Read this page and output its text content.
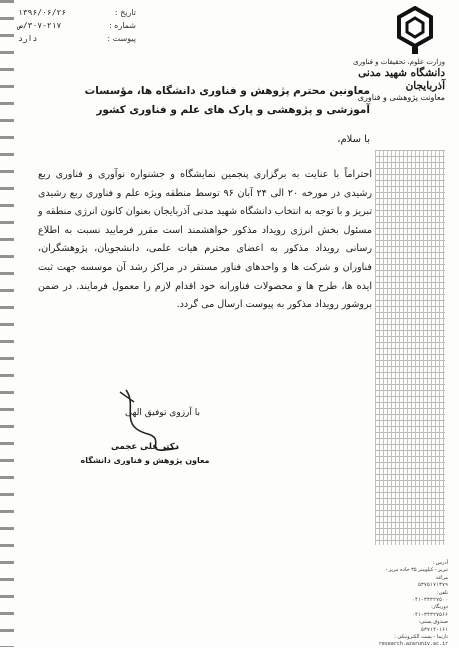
وزارت علوم، تحقیقات و فناوری
دانشگاه شهید مدنی آذربایجان
معاونت پژوهشی و فناوری
تاریخ :
۱۳۹۶/۰۶/۲۶
شماره :
۳۰۷-۲۱۷/ص
پیوست :
دارد
معاونین محترم پژوهش و فناوری دانشگاه ها، مؤسسات
آموزشی و پژوهشی و پارک های علم و فناوری کشور
با سلام،
احتراماً با عنایت به برگزاری پنجمین نمایشگاه و جشنواره نوآوری و فناوری ربع رشیدی در مورخه ۲۰ الی ۲۴ آبان ۹۶ توسط منطقه ویژه علم و فناوری ربع رشیدی تبریز و با توجه به انتخاب دانشگاه شهید مدنی آذربایجان بعنوان کانون انرژی منطقه و مسئول بخش انرژی رویداد مذکور خواهشمند است مقرر فرمایید نسبت به اطلاع رسانی رویداد مذکور به اعضای محترم هیات علمی، دانشجویان، پژوهشگران، فناوران و شرکت ها و واحدهای فناور مستقر در مراکز رشد آن موسسه جهت ثبت ایده ها، طرح ها و محصولات فناورانه خود اقدام لازم را معمول فرمایند. در ضمن بروشور رویداد مذکور به پیوست ارسال می گردد.
با آرزوی توفیق الهی
دکتر علی عجمی
معاون پژوهش و فناوری دانشگاه
آدرس :
تبریز - کیلومتر ۳۵ جاده تبریز - مراغه
۵۳۷۵۱۷۱۳۷۹
تلفن:
۰۴۱-۳۴۳۲۷۵۰۰
دورنگار:
۰۴۱-۳۴۳۲۷۵۶۶
صندوق پستی:
۵۳۷۱۴-۱۶۱
تارنما - پست الکترونیکی :
research.azaruniv.ac.ir
